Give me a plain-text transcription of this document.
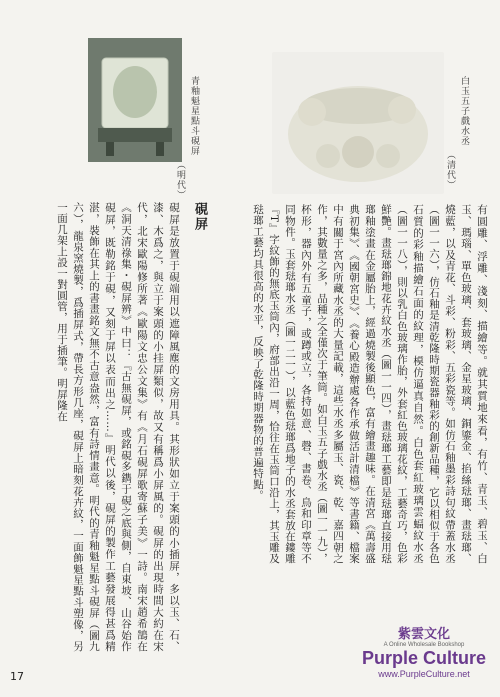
青釉魁星點斗硯屏
（明代）
白玉五子戲水丞
（清代）
有圓雕、浮雕、淺刻、描繪等。就其質地來看，有竹、青玉、碧玉、白玉、瑪瑙、單色玻璃、套玻璃、金星玻璃、銅鎏金、掐絲琺瑯、畫琺瑯、燒藍，以及青花、斗彩、粉彩、五彩瓷等。如仿石釉墨彩詩句紋帶蓋水丞（圖一一六），仿石釉是清乾隆時期瓷器釉彩的創新品種，它以相似于各色石質的彩釉描繪石面的紋理，模仿逼真自然。白色套紅玻璃雲蝠紋水丞（圖一一八），則以乳白色玻璃作胎，外套紅色玻璃花紋，工藝奇巧，色彩鮮艷。畫琺瑯錦地花卉紋水丞（圖一一四），畫琺瑯工藝即是琺瑯直接用琺瑯釉塗畫在金屬胎上，經過燒製後顯色，富有繪畫趣味。在清宮《萬壽盛典初集》、《國朝宮史》、《養心殿造辦處各作承做活計清檔》等書籍、檔案中有關于宮內所藏水丞的大量記載，這些水丞多屬玉、瓷、乾、嘉四朝之作，其數量之多，品種之全僅次于筆筒。如白玉五子戲水丞（圖一一九），杯形，器內外有五童子，或蹲或立，各持如意、磬、書卷、鳥和印章等不同物件。玉套琺瑯水丞（圖一二一），以藍色琺瑯爲地子的水丞套放在鏤雕『T』字紋飾的無底玉筒內，府部出沿一周，恰往在玉筒口沿上，其玉雕及琺瑯工藝均具很高的水平，反映了乾隆時期器物的普遍特點。
硯屏
硯屏是放置于硯端用以遮障風塵的文房用具。其形狀如立于案頭的小插屏，多以玉、石、漆、木爲之，與立于案頭的小挂屏類似，故又有稱爲小屏風的。硯屏的出現時間大約在宋代，北宋歐陽修所著《歐陽文忠公文集》有《月石硯屏歌寄蘇子美》一詩。南宋趙希鵠在《洞天清祿集・硯屏辨》中曰：『古無硯屏，或銘硯多鐫于硯之底與側，自東坡、山谷始作硯屏，既勒銘于硯，又刻于屏以表而出之……』明代以後，硯屏的製作工藝發展得甚爲精湛，裝飾在其上的書畫銘文無不古意盎然，富有詩情畫意。明代的青釉魁星點斗硯屏（圖九六），龍泉窯燒製，爲插屏式，帶長方形几座，硯屏上暗刻花卉紋，一面飾魁星點斗塑像，另一面几架上設一對圓管，用于插筆。明屏隆在
17
紫雲文化
A Online Wholesale Bookshop
Purple Culture
www.PurpleCulture.net
